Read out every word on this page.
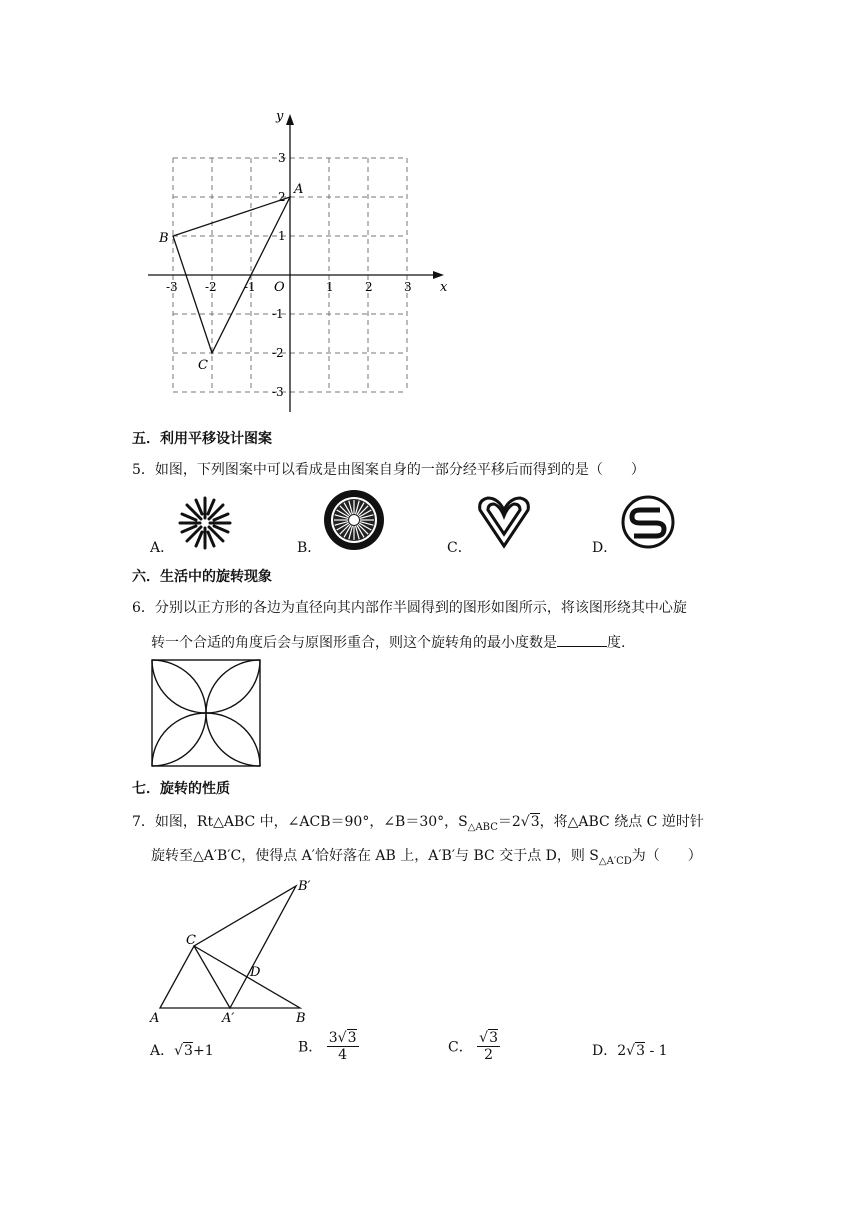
x
y
O
-3 -2 -1	1	2	3
3
2
1
-1
-2
-3
A
B
C
五．利用平移设计图案
5．如图，下列图案中可以看成是由图案自身的一部分经平移后而得到的是（　　）
A．	B．	C．	D．
六．生活中的旋转现象
6．分别以正方形的各边为直径向其内部作半圆得到的图形如图所示，将该图形绕其中心旋
转一个合适的角度后会与原图形重合，则这个旋转角的最小度数是	度.
七．旋转的性质
7．如图，Rt△ABC 中，∠ACB＝90°，∠B＝30°，$S_{\triangle ABC}=2√3$，将△ABC 绕点 C 逆时针
旋转至△A′B′C，使得点 A′恰好落在 AB 上，A′B′与 BC 交于点 D，则 $S_{\triangle A'CD}$为（　　）
A	B
C
D
A′
B′
A．√3+1	B． $\frac{3√3}{4}$	C． $\frac{√3}{2}$	D．2√3 - 1
